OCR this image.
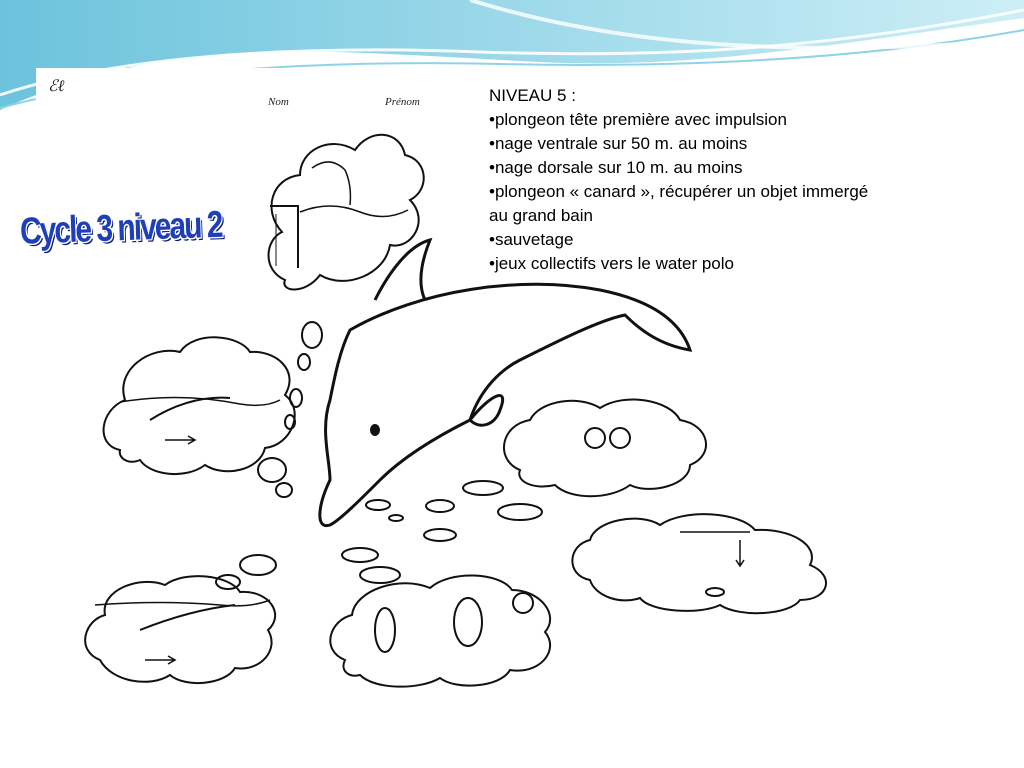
ℰℓ
Nom	Prénom	NIVEAU 5 :
•plongeon tête première avec impulsion
•nage ventrale sur 50 m. au moins
•nage dorsale sur 10 m. au moins
•plongeon « canard », récupérer un objet immergé au grand bain
•sauvetage
•jeux collectifs vers le water polo
Cycle 3 niveau 2
